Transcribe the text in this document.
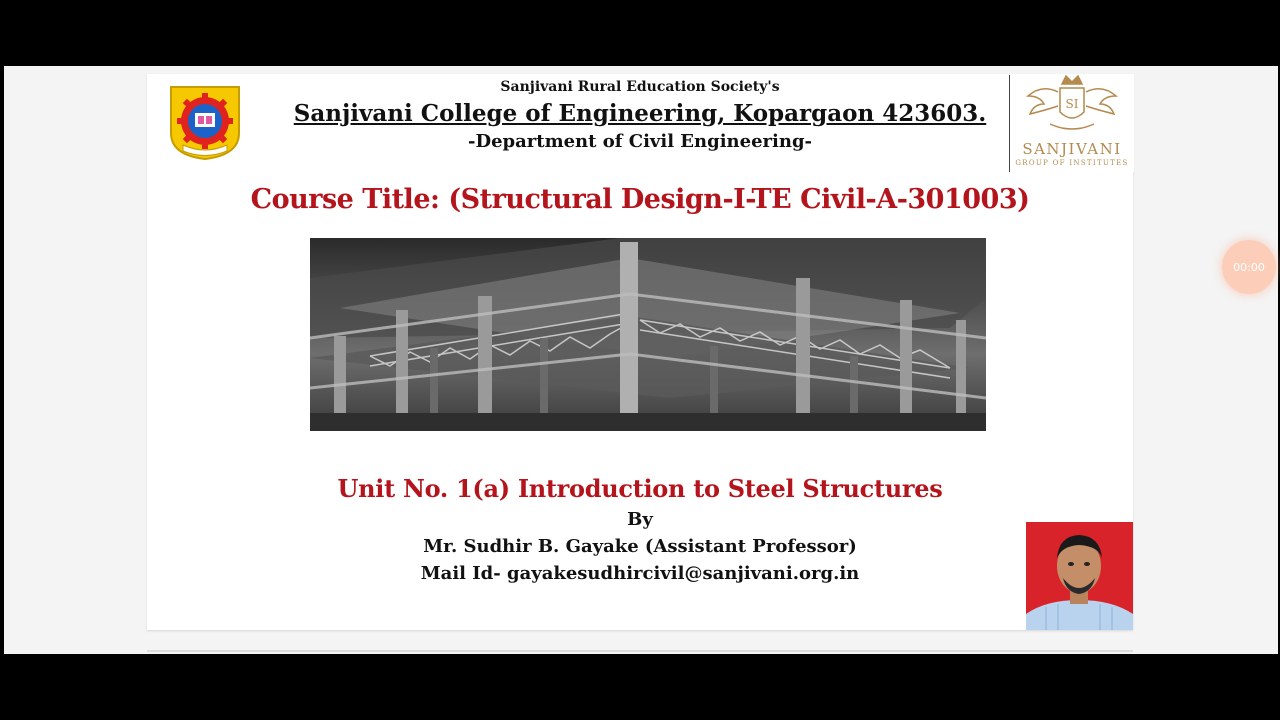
Sanjivani Rural Education Society's
Sanjivani College of Engineering, Kopargaon 423603.
-Department of Civil Engineering-
SI
SANJIVANI
GROUP OF INSTITUTES
Course Title: (Structural Design-I-TE Civil-A-301003)
Unit No. 1(a) Introduction to Steel Structures
By
Mr. Sudhir B. Gayake (Assistant Professor)
Mail Id- gayakesudhircivil@sanjivani.org.in
00:00
